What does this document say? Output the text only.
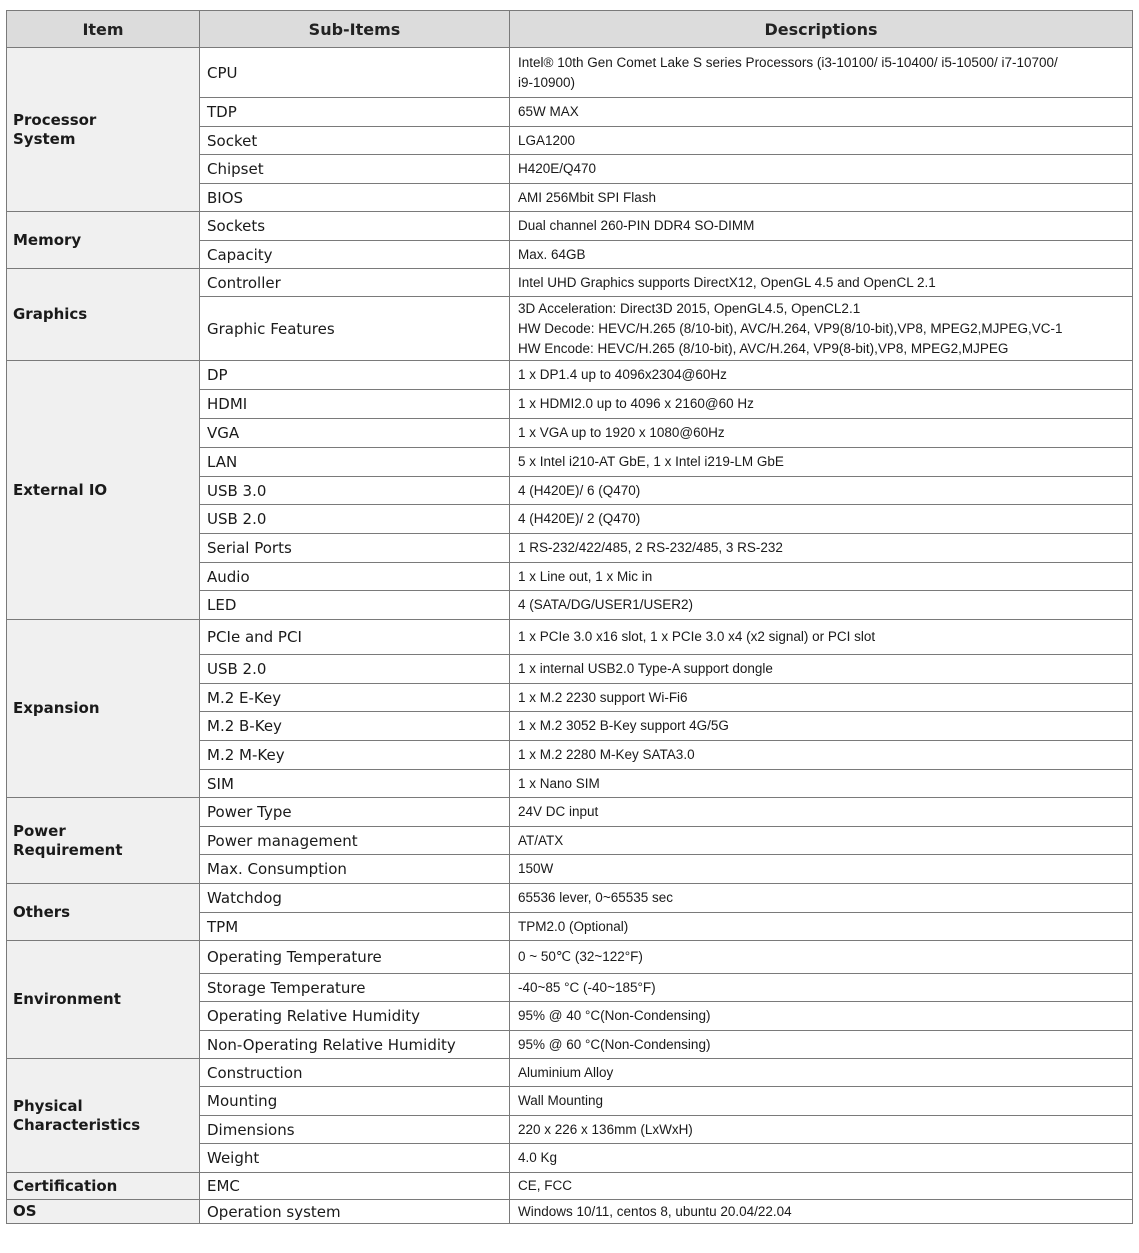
Item	Sub-Items	Descriptions
Processor
System	CPU	Intel® 10th Gen Comet Lake S series Processors (i3-10100/ i5-10400/ i5-10500/ i7-10700/
i9-10900)

	TDP	65W MAX

	Socket	LGA1200

	Chipset	H420E/Q470

	BIOS	AMI 256Mbit SPI Flash

Memory	Sockets	Dual channel 260-PIN DDR4 SO-DIMM

	Capacity	Max. 64GB

Graphics	Controller	Intel UHD Graphics supports DirectX12, OpenGL 4.5 and OpenCL 2.1

	Graphic Features	3D Acceleration: Direct3D 2015, OpenGL4.5, OpenCL2.1
HW Decode: HEVC/H.265 (8/10-bit), AVC/H.264, VP9(8/10-bit),VP8, MPEG2,MJPEG,VC-1
HW Encode: HEVC/H.265 (8/10-bit), AVC/H.264, VP9(8-bit),VP8, MPEG2,MJPEG

External IO	DP	1 x DP1.4 up to 4096x2304@60Hz

	HDMI	1 x HDMI2.0 up to 4096 x 2160@60 Hz

	VGA	1 x VGA up to 1920 x 1080@60Hz

	LAN	5 x Intel i210-AT GbE, 1 x Intel i219-LM GbE

	USB 3.0	4 (H420E)/ 6 (Q470)

	USB 2.0	4 (H420E)/ 2 (Q470)

	Serial Ports	1 RS-232/422/485, 2 RS-232/485, 3 RS-232

	Audio	1 x Line out, 1 x Mic in

	LED	4 (SATA/DG/USER1/USER2)

Expansion	PCIe and PCI	1 x PCIe 3.0 x16 slot, 1 x PCIe 3.0 x4 (x2 signal) or PCI slot

	USB 2.0	1 x internal USB2.0 Type-A support dongle

	M.2 E-Key	1 x M.2 2230 support Wi-Fi6

	M.2 B-Key	1 x M.2 3052 B-Key support 4G/5G

	M.2 M-Key	1 x M.2 2280 M-Key SATA3.0

	SIM	1 x Nano SIM

Power
Requirement	Power Type	24V DC input

	Power management	AT/ATX

	Max. Consumption	150W

Others	Watchdog	65536 lever, 0~65535 sec

	TPM	TPM2.0 (Optional)

Environment	Operating Temperature	0 ~ 50℃ (32~122°F)

	Storage Temperature	-40~85 °C (-40~185°F)

	Operating Relative Humidity	95% @ 40 °C(Non-Condensing)

	Non-Operating Relative Humidity	95% @ 60 °C(Non-Condensing)

Physical
Characteristics	Construction	Aluminium Alloy

	Mounting	Wall Mounting

	Dimensions	220 x 226 x 136mm (LxWxH)

	Weight	4.0 Kg

Certification	EMC	CE, FCC

OS	Operation system	Windows 10/11, centos 8, ubuntu 20.04/22.04
